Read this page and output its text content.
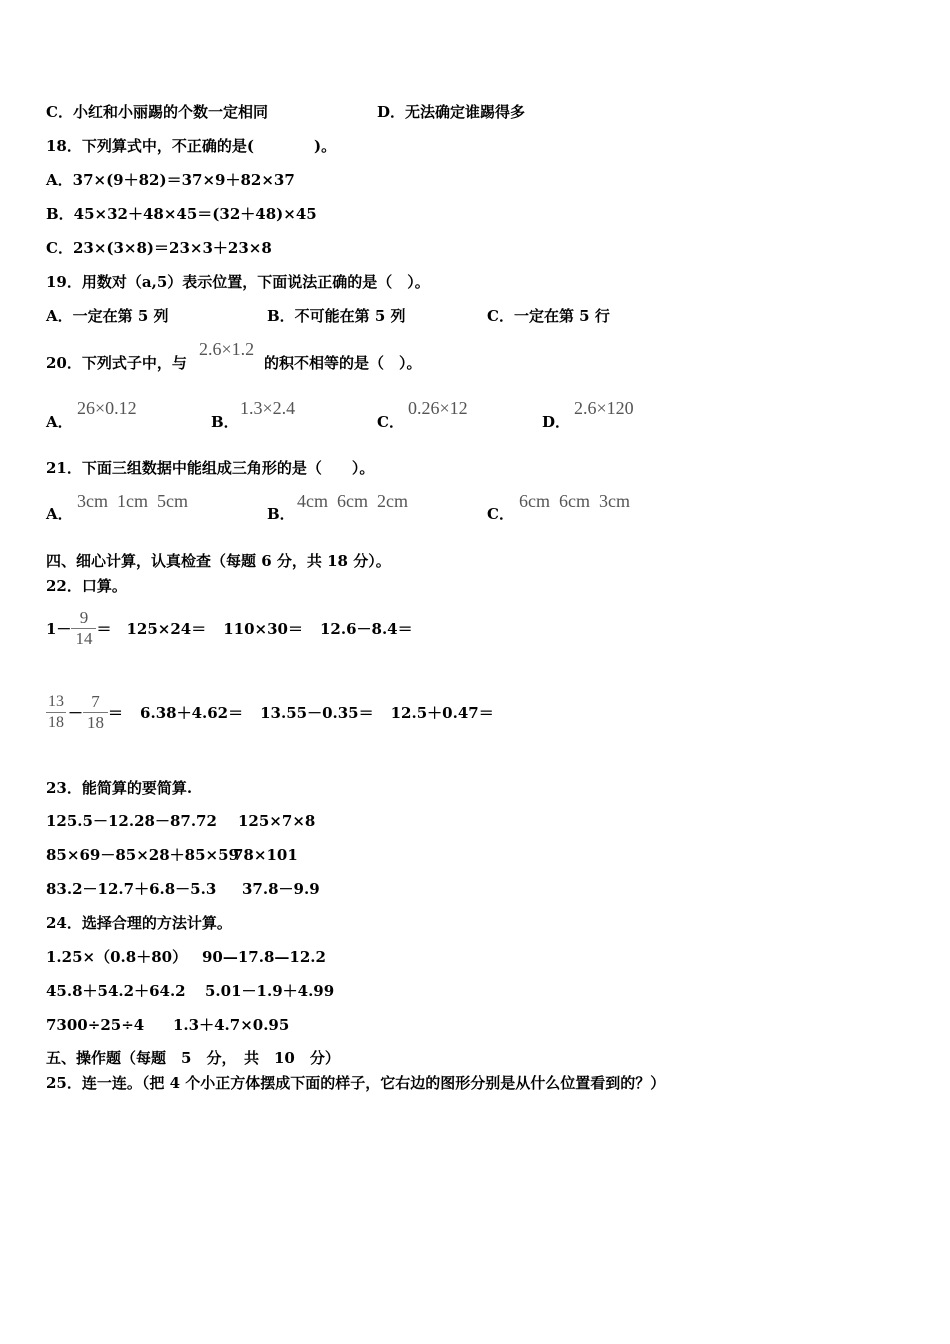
C．小红和小丽踢的个数一定相同	D．无法确定谁踢得多
18．下列算式中，不正确的是(　　　　)。
A．37×(9＋82)＝37×9＋82×37
B．45×32＋48×45＝(32＋48)×45
C．23×(3×8)＝23×3＋23×8
19．用数对（a,5）表示位置，下面说法正确的是（　）。
A．一定在第 5 列	B．不可能在第 5 列	C．一定在第 5 行
20．下列式子中，与
2.6×1.2
的积不相等的是（　）。
A．
26×0.12
B．
1.3×2.4
C．
0.26×12
D．
2.6×120
21．下面三组数据中能组成三角形的是（　　）。
A．
3cm  1cm  5cm
B．
4cm  6cm  2cm
C．
6cm  6cm  3cm
四、细心计算，认真检查（每题 6 分，共 18 分）。
22．口算。
$1- \frac{9}{14} = 125\times 24= 110\times 30= 12.6-8.4=$
$\frac{13}{18} - \frac{7}{18} = 6.38+4.62= 13.55-0.35= 12.5+0.47=$
23．能简算的要简算.
125.5－12.28－87.72 125×7×8
85×69－85×28＋85×59
78×101
83.2－12.7＋6.8－5.3 37.8－9.9
24．选择合理的方法计算。
1.25×（0.8＋80） 90—17.8—12.2
45.8＋54.2＋64.2 5.01－1.9＋4.99
7300÷25÷4 1.3＋4.7×0.95
五、操作题（每题　5　分，　共　10　分）
25．连一连。（把 4 个小正方体摆成下面的样子，它右边的图形分别是从什么位置看到的？）
